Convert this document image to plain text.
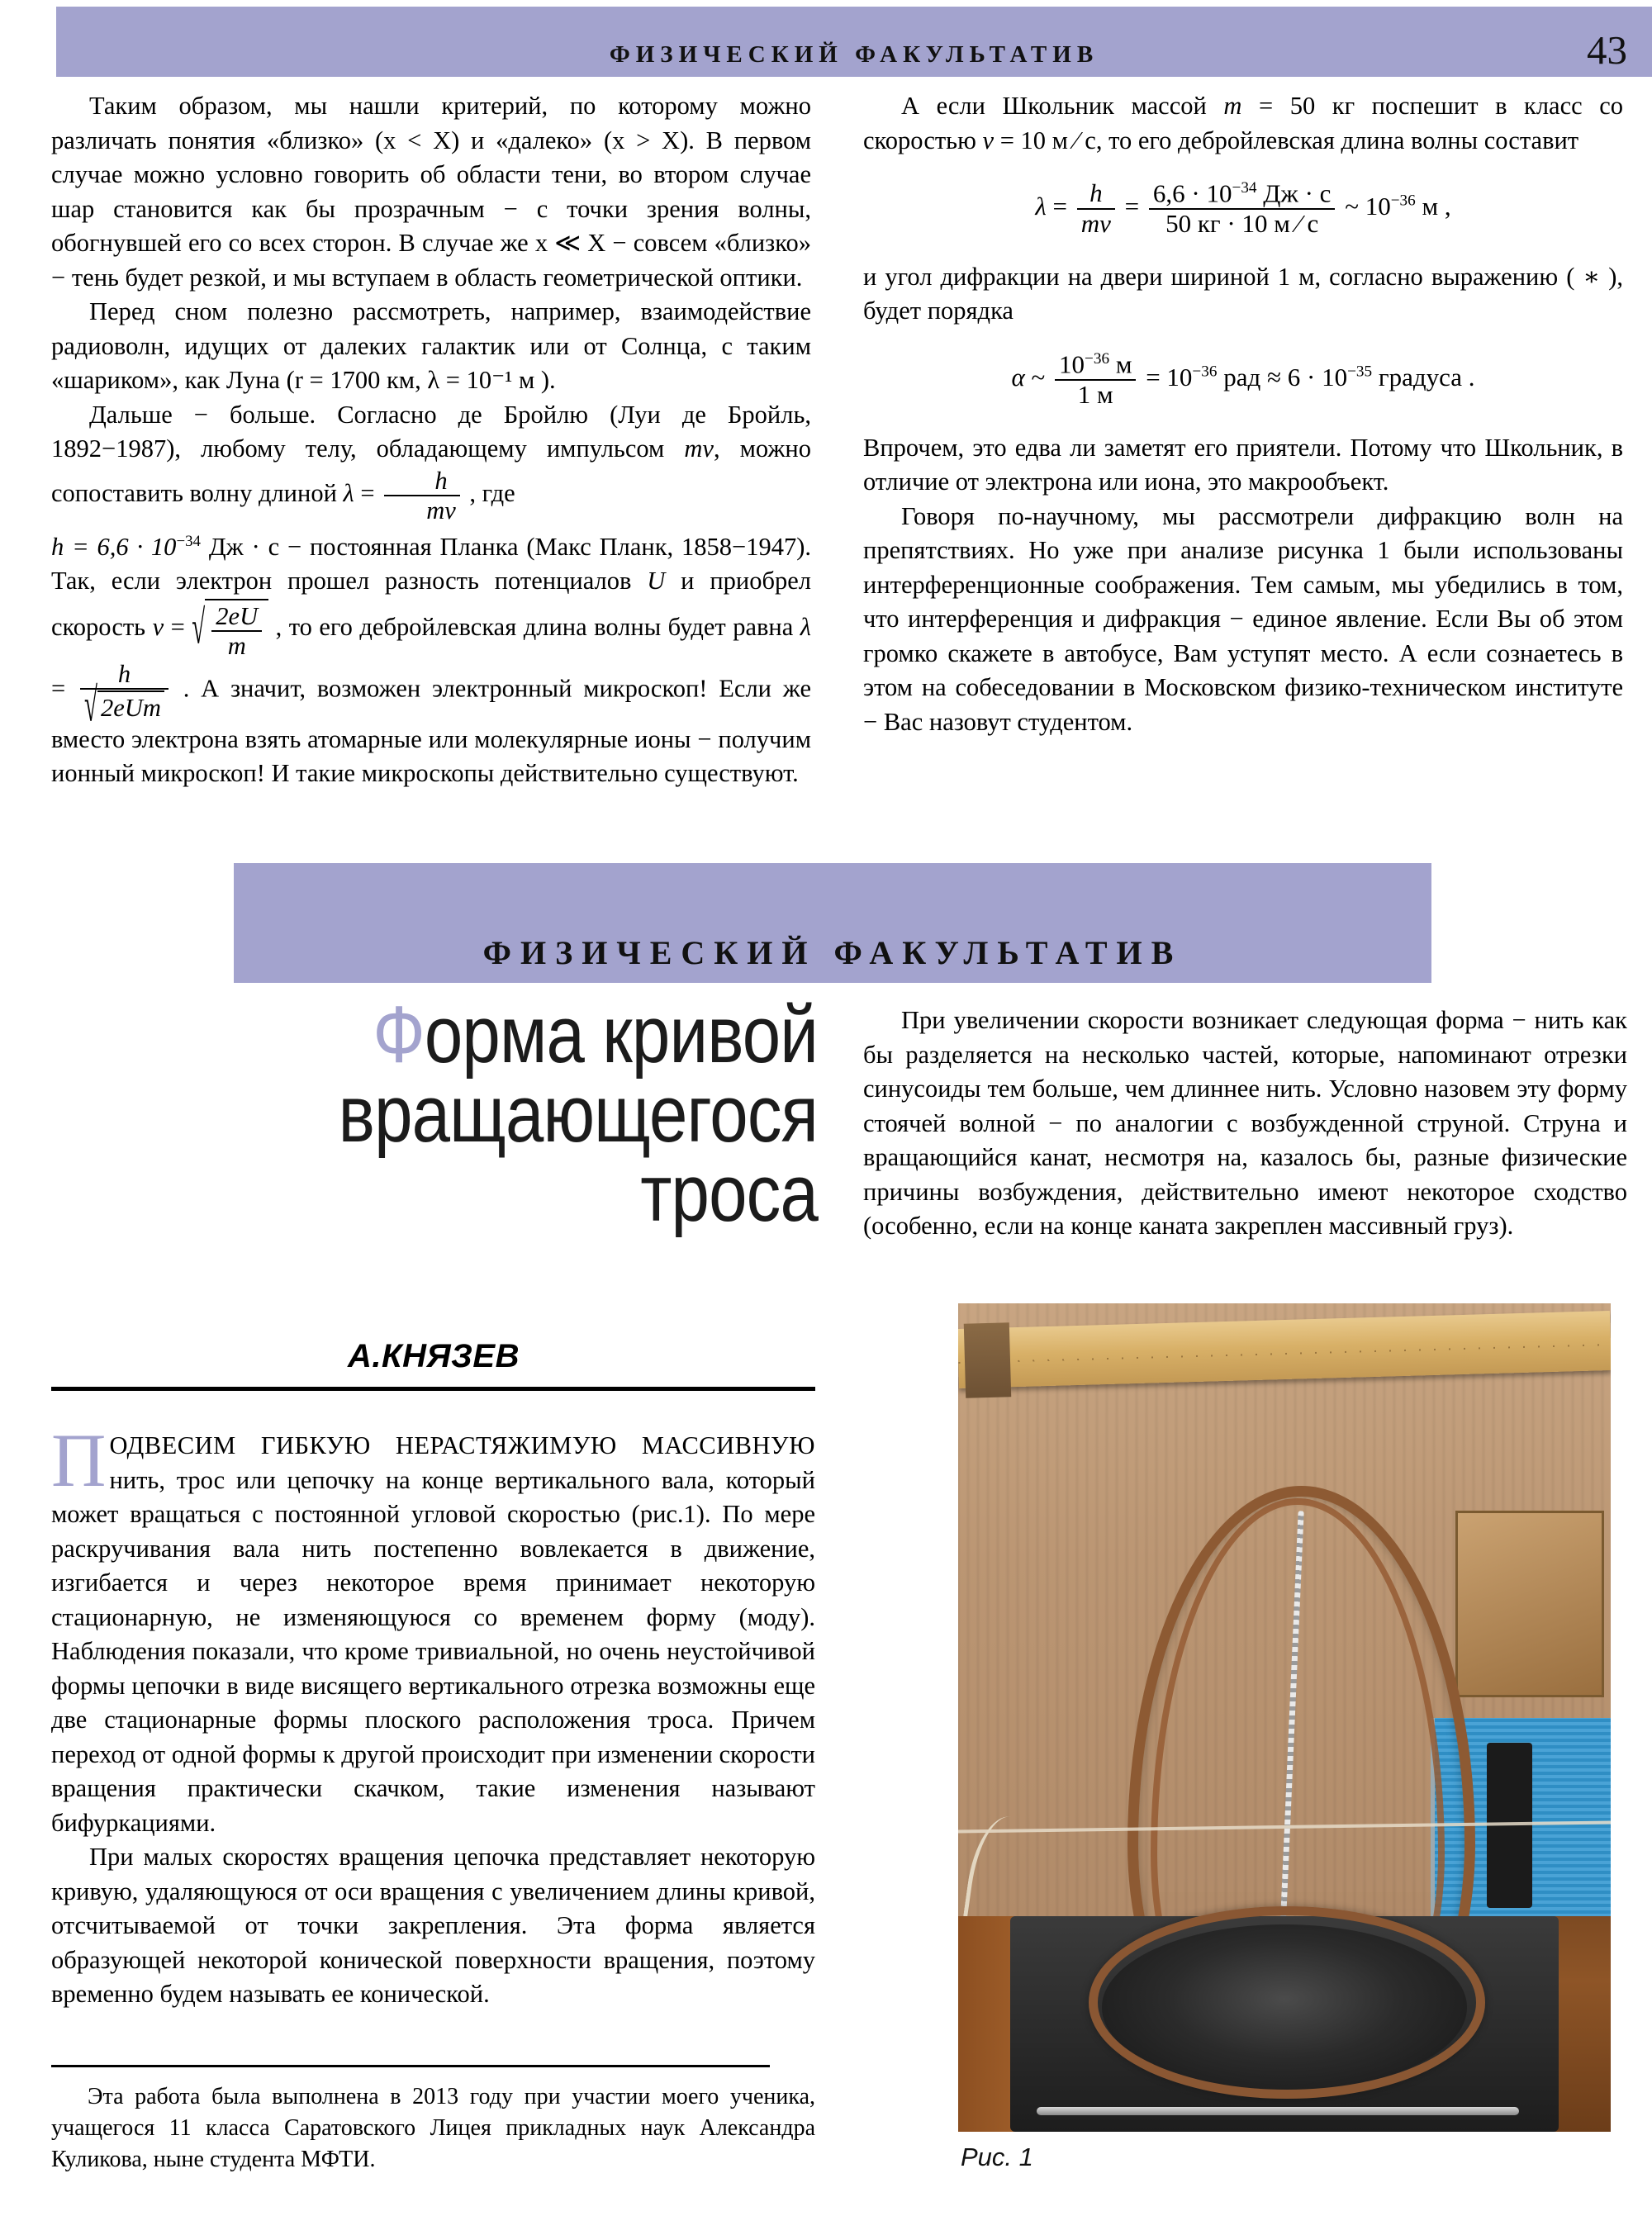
ФИЗИЧЕСКИЙ ФАКУЛЬТАТИВ	43

Таким образом, мы нашли критерий, по которому можно различать понятия «близко» (x < X) и «далеко» (x > X). В первом случае можно условно говорить об области тени, во втором случае шар становится как бы прозрачным − с точки зрения волны, обогнувшей его со всех сторон. В случае же x ≪ X − совсем «близко» − тень будет резкой, и мы вступаем в область геометрической оптики.

Перед сном полезно рассмотреть, например, взаимодействие радиоволн, идущих от далеких галактик или от Солнца, с таким «шариком», как Луна (r = 1700 км, λ = 10⁻¹ м ).

Дальше − больше. Согласно де Бройлю (Луи де Бройль, 1892−1987), любому телу, обладающему импульсом mv, можно сопоставить волну длиной $\lambda = \frac{h}{mv}$ , где

$h = 6,6 \cdot 10^{-34}$ Дж · с − постоянная Планка (Макс Планк, 1858−1947). Так, если электрон прошел разность потенциалов U и приобрел скорость v = √ $\frac{2eU}{m}$ , то его дебройлевская длина волны будет равна λ = h
√ 2eUm . А значит, возможен электронный микроскоп! Если же вместо электрона взять атомарные или молекулярные ионы − получим ионный микроскоп! И такие микроскопы действительно существуют.

А если Школьник массой m = 50 кг поспешит в класс со скоростью v = 10 м ⁄ с, то его дебройлевская длина волны составит

$\lambda = \frac{h}{mv} = \frac{6,6 \cdot 10^{-34} Дж \cdot с}{50 кг \cdot 10 м ⁄ с}$ ~ $10^{-36}$ м ,

и угол дифракции на двери шириной 1 м, согласно выражению ( ∗ ), будет порядка

α ~ $\frac{10^{-36} м}{1 м} = 10^{-36}$ рад ≈ $6 \cdot 10^{-35}$ градуса .

Впрочем, это едва ли заметят его приятели. Потому что Школьник, в отличие от электрона или иона, это макрообъект.

Говоря по-научному, мы рассмотрели дифракцию волн на препятствиях. Но уже при анализе рисунка 1 были использованы интерференционные соображения. Тем самым, мы убедились в том, что интерференция и дифракция − единое явление. Если Вы об этом громко скажете в автобусе, Вам уступят место. А если сознаетесь в этом на собеседовании в Московском физико-техническом институте − Вас назовут студентом.

ФИЗИЧЕСКИЙ ФАКУЛЬТАТИВ
Форма кривой
вращающегося
троса
А.КНЯЗЕВ

ПОДВЕСИМ ГИБКУЮ НЕРАСТЯЖИМУЮ МАССИВНУЮ нить, трос или цепочку на конце вертикального вала, который может вращаться с постоянной угловой скоростью (рис.1). По мере раскручивания вала нить постепенно вовлекается в движение, изгибается и через некоторое время принимает некоторую стационарную, не изменяющуюся со временем форму (моду). Наблюдения показали, что кроме тривиальной, но очень неустойчивой формы цепочки в виде висящего вертикального отрезка возможны еще две стационарные формы плоского расположения троса. Причем переход от одной формы к другой происходит при изменении скорости вращения практически скачком, такие изменения называют бифуркациями.

При малых скоростях вращения цепочка представляет некоторую кривую, удаляющуюся от оси вращения с увеличением длины кривой, отсчитываемой от точки закрепления. Эта форма является образующей некоторой конической поверхности вращения, поэтому временно будем называть ее конической.

При увеличении скорости возникает следующая форма − нить как бы разделяется на несколько частей, которые, напоминают отрезки синусоиды тем больше, чем длиннее нить. Условно назовем эту форму стоячей волной − по аналогии с возбужденной струной. Струна и вращающийся канат, несмотря на, казалось бы, разные физические причины возбуждения, действительно имеют некоторое сходство (особенно, если на конце каната закреплен массивный груз).

Эта работа была выполнена в 2013 году при участии моего ученика, учащегося 11 класса Саратовского Лицея прикладных наук Александра Куликова, ныне студента МФТИ.	Рис. 1
